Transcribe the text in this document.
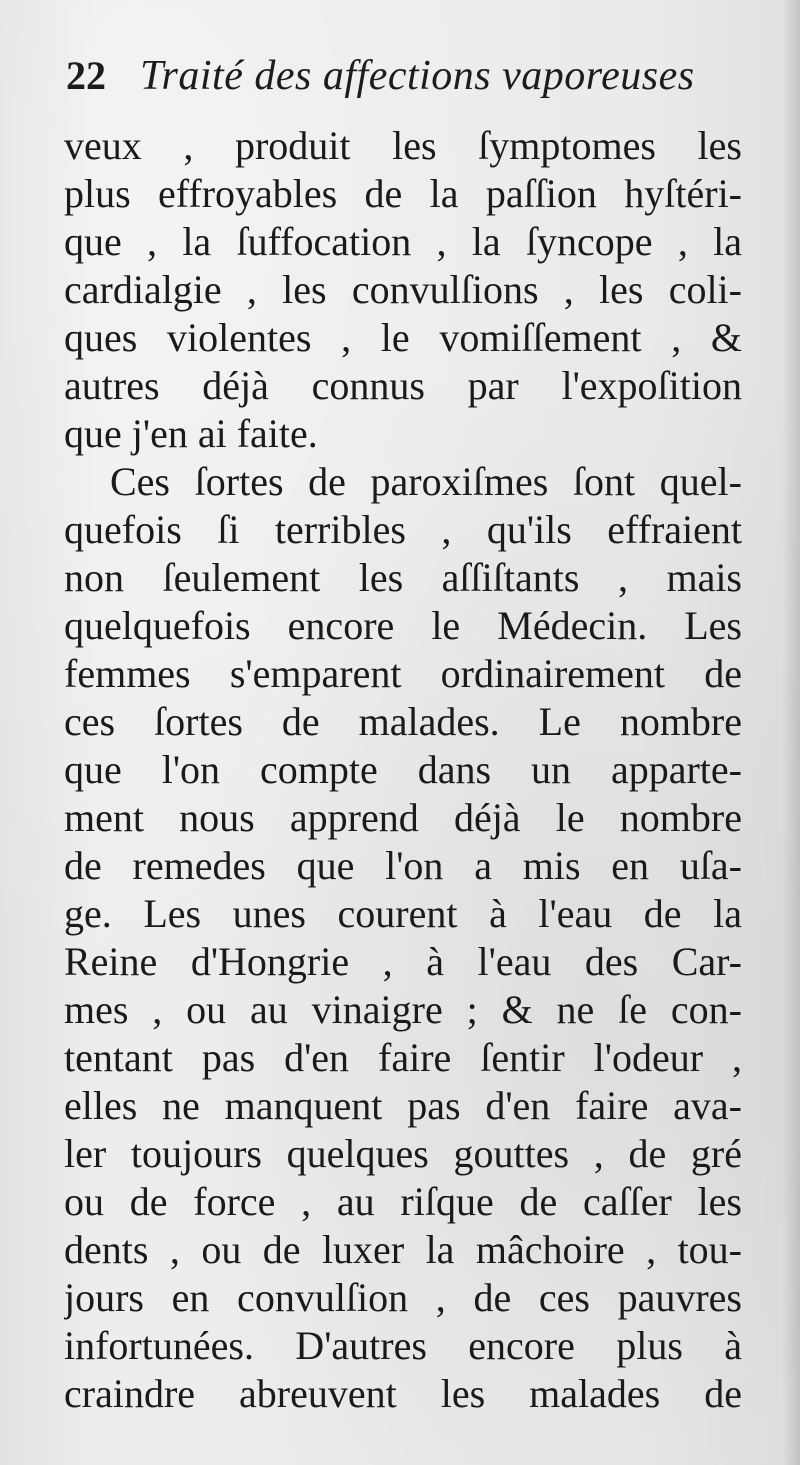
22 Traité des affections vaporeuses
veux , produit les ſymptomes les
plus effroyables de la paſſion hyſtéri-
que , la ſuffocation , la ſyncope , la
cardialgie , les convulſions , les coli-
ques violentes , le vomiſſement , &
autres déjà connus par l'expoſition
que j'en ai faite.
Ces ſortes de paroxiſmes ſont quel-
quefois ſi terribles , qu'ils effraient
non ſeulement les aſſiſtants , mais
quelquefois encore le Médecin. Les
femmes s'emparent ordinairement de
ces ſortes de malades. Le nombre
que l'on compte dans un apparte-
ment nous apprend déjà le nombre
de remedes que l'on a mis en uſa-
ge. Les unes courent à l'eau de la
Reine d'Hongrie , à l'eau des Car-
mes , ou au vinaigre ; & ne ſe con-
tentant pas d'en faire ſentir l'odeur ,
elles ne manquent pas d'en faire ava-
ler toujours quelques gouttes , de gré
ou de force , au riſque de caſſer les
dents , ou de luxer la mâchoire , tou-
jours en convulſion , de ces pauvres
infortunées. D'autres encore plus à
craindre abreuvent les malades de
